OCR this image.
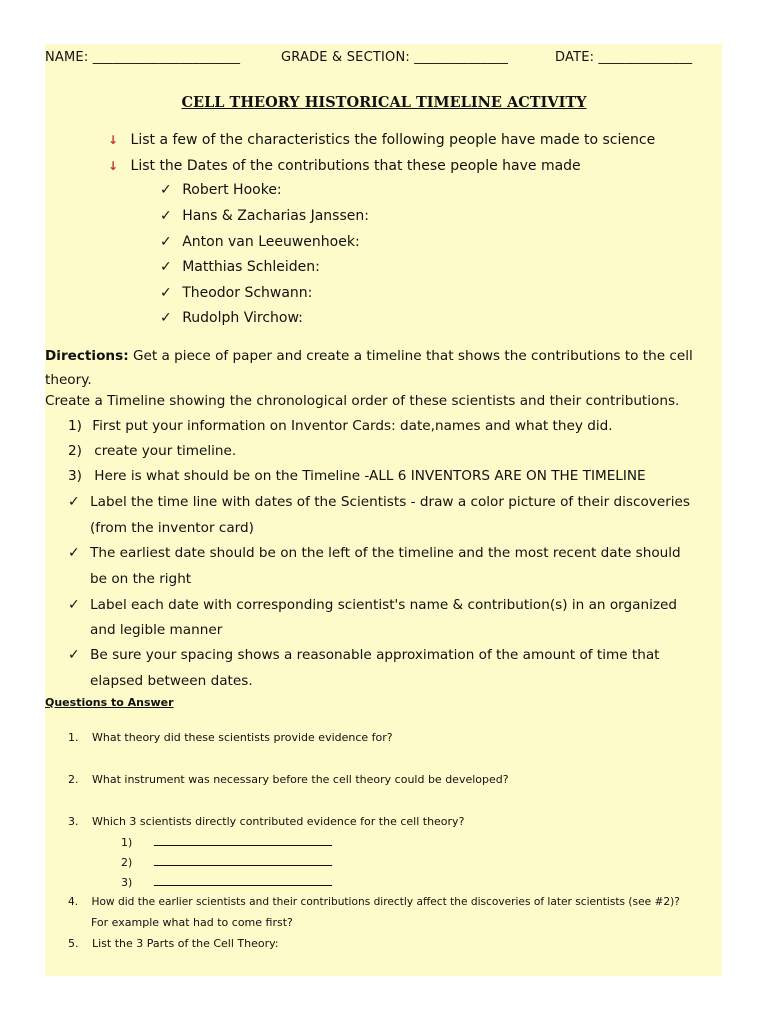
NAME: ______________________	GRADE & SECTION: ______________	DATE: ______________
CELL THEORY HISTORICAL TIMELINE ACTIVITY
↓ List a few of the characteristics the following people have made to science
↓ List the Dates of the contributions that these people have made
✓ Robert Hooke:
✓ Hans & Zacharias Janssen:
✓ Anton van Leeuwenhoek:
✓ Matthias Schleiden:
✓ Theodor Schwann:
✓ Rudolph Virchow:
Directions: Get a piece of paper and create a timeline that shows the contributions to the cell
theory.
Create a Timeline showing the chronological order of these scientists and their contributions.
1) First put your information on Inventor Cards: date,names and what they did.
2) create your timeline.
3) Here is what should be on the Timeline -ALL 6 INVENTORS ARE ON THE TIMELINE
✓ Label the time line with dates of the Scientists - draw a color picture of their discoveries
(from the inventor card)
✓ The earliest date should be on the left of the timeline and the most recent date should
be on the right
✓ Label each date with corresponding scientist's name & contribution(s) in an organized
and legible manner
✓ Be sure your spacing shows a reasonable approximation of the amount of time that
elapsed between dates.
Questions to Answer
1. What theory did these scientists provide evidence for?
2. What instrument was necessary before the cell theory could be developed?
3. Which 3 scientists directly contributed evidence for the cell theory?
1)
2)
3)
4. How did the earlier scientists and their contributions directly affect the discoveries of later scientists (see #2)?
For example what had to come first?
5. List the 3 Parts of the Cell Theory:
